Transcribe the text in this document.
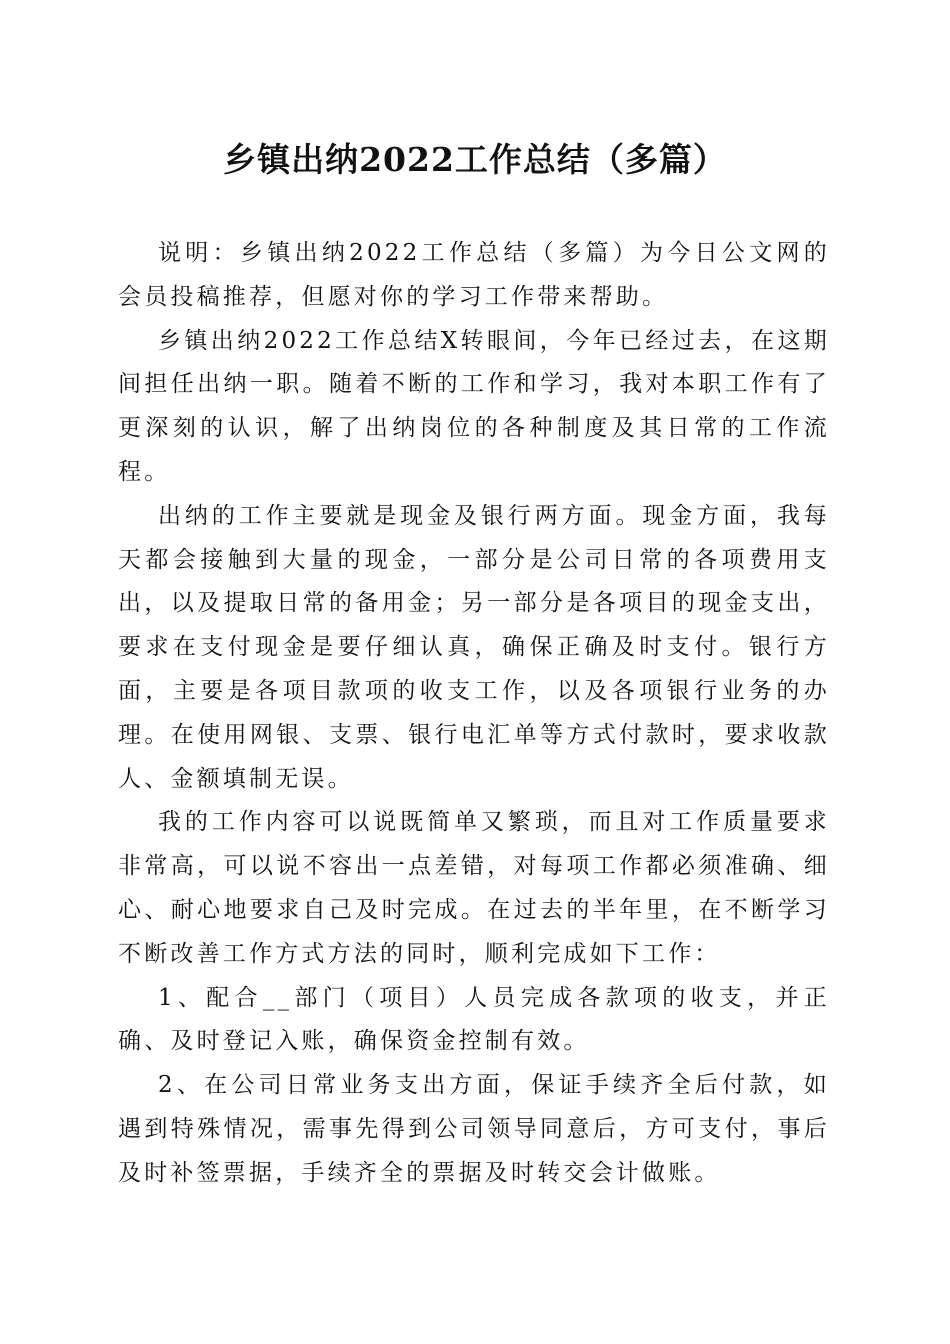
乡镇出纳2022工作总结（多篇）

说明：乡镇出纳2022工作总结（多篇）为今日公文网的会员投稿推荐，但愿对你的学习工作带来帮助。

乡镇出纳2022工作总结X转眼间，今年已经过去，在这期间担任出纳一职。随着不断的工作和学习，我对本职工作有了更深刻的认识，解了出纳岗位的各种制度及其日常的工作流程。

出纳的工作主要就是现金及银行两方面。现金方面，我每天都会接触到大量的现金，一部分是公司日常的各项费用支出，以及提取日常的备用金；另一部分是各项目的现金支出，要求在支付现金是要仔细认真，确保正确及时支付。银行方面，主要是各项目款项的收支工作，以及各项银行业务的办理。在使用网银、支票、银行电汇单等方式付款时，要求收款人、金额填制无误。

我的工作内容可以说既简单又繁琐，而且对工作质量要求非常高，可以说不容出一点差错，对每项工作都必须准确、细心、耐心地要求自己及时完成。在过去的半年里，在不断学习不断改善工作方式方法的同时，顺利完成如下工作：

1、配合__部门（项目）人员完成各款项的收支，并正确、及时登记入账，确保资金控制有效。

2、在公司日常业务支出方面，保证手续齐全后付款，如遇到特殊情况，需事先得到公司领导同意后，方可支付，事后及时补签票据，手续齐全的票据及时转交会计做账。
